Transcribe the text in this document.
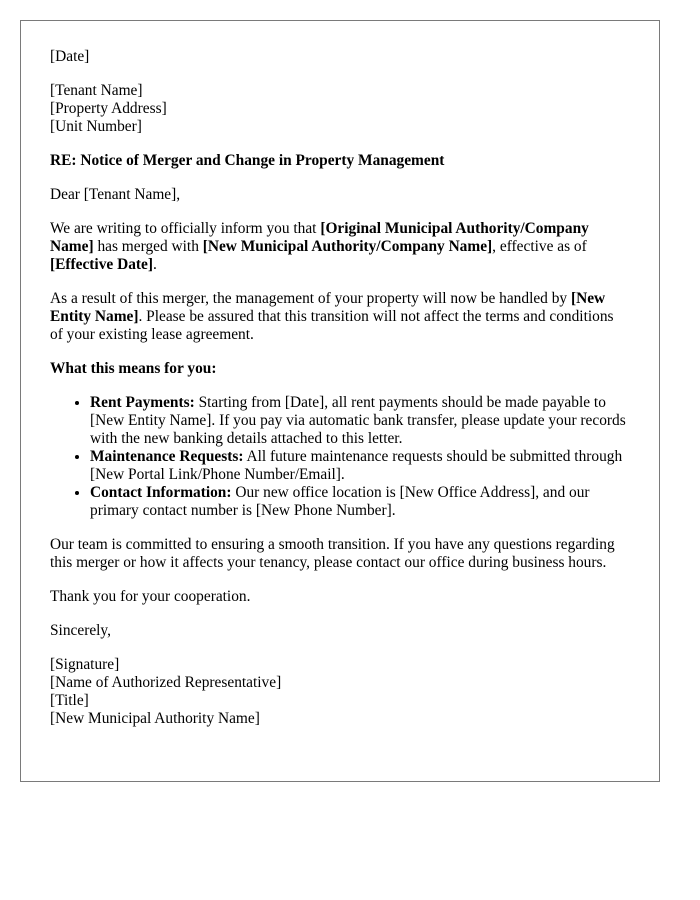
[Date]

[Tenant Name]
[Property Address]
[Unit Number]

RE: Notice of Merger and Change in Property Management

Dear [Tenant Name],

We are writing to officially inform you that [Original Municipal Authority/Company Name] has merged with [New Municipal Authority/Company Name], effective as of [Effective Date].

As a result of this merger, the management of your property will now be handled by [New Entity Name]. Please be assured that this transition will not affect the terms and conditions of your existing lease agreement.

What this means for you:

• Rent Payments: Starting from [Date], all rent payments should be made payable to [New Entity Name]. If you pay via automatic bank transfer, please update your records with the new banking details attached to this letter.
• Maintenance Requests: All future maintenance requests should be submitted through [New Portal Link/Phone Number/Email].
• Contact Information: Our new office location is [New Office Address], and our primary contact number is [New Phone Number].

Our team is committed to ensuring a smooth transition. If you have any questions regarding this merger or how it affects your tenancy, please contact our office during business hours.

Thank you for your cooperation.

Sincerely,

[Signature]
[Name of Authorized Representative]
[Title]
[New Municipal Authority Name]
